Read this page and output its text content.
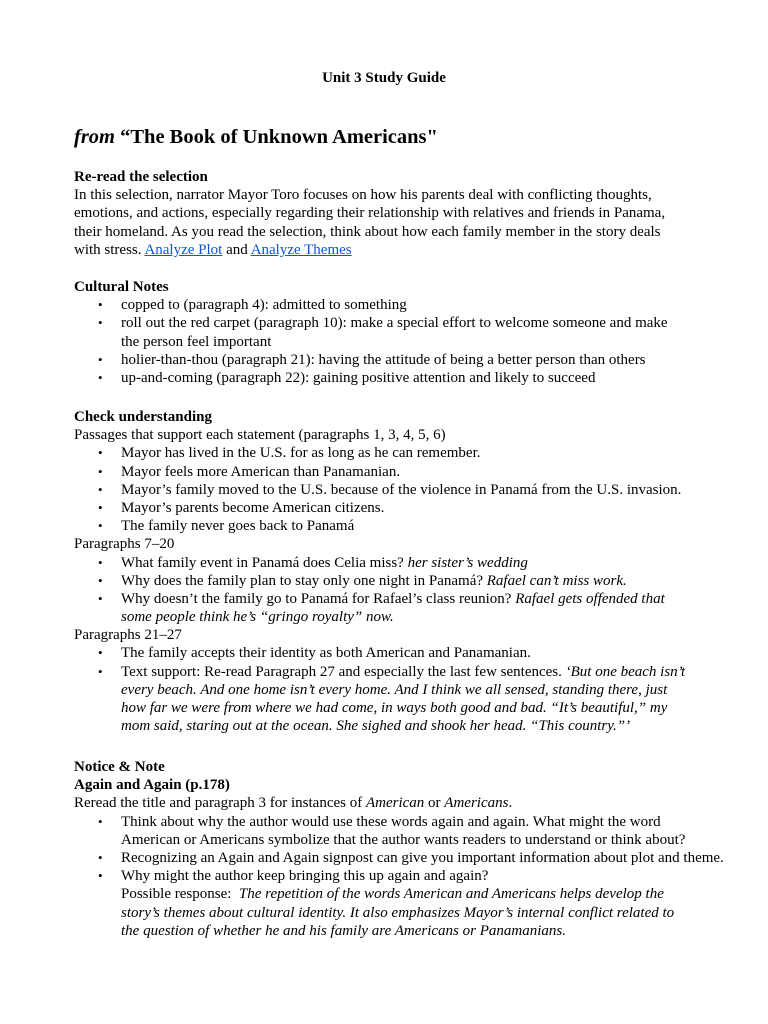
Unit 3 Study Guide
from “The Book of Unknown Americans"
Re-read the selection
In this selection, narrator Mayor Toro focuses on how his parents deal with conflicting thoughts,
emotions, and actions, especially regarding their relationship with relatives and friends in Panama,
their homeland. As you read the selection, think about how each family member in the story deals
with stress. Analyze Plot and Analyze Themes
Cultural Notes
• copped to (paragraph 4): admitted to something
• roll out the red carpet (paragraph 10): make a special effort to welcome someone and make
the person feel important
• holier-than-thou (paragraph 21): having the attitude of being a better person than others
• up-and-coming (paragraph 22): gaining positive attention and likely to succeed
Check understanding
Passages that support each statement (paragraphs 1, 3, 4, 5, 6)
• Mayor has lived in the U.S. for as long as he can remember.
• Mayor feels more American than Panamanian.
• Mayor’s family moved to the U.S. because of the violence in Panamá from the U.S. invasion.
• Mayor’s parents become American citizens.
• The family never goes back to Panamá
Paragraphs 7–20
• What family event in Panamá does Celia miss? her sister’s wedding
• Why does the family plan to stay only one night in Panamá? Rafael can’t miss work.
• Why doesn’t the family go to Panamá for Rafael’s class reunion? Rafael gets offended that
some people think he’s “gringo royalty” now.
Paragraphs 21–27
• The family accepts their identity as both American and Panamanian.
• Text support: Re-read Paragraph 27 and especially the last few sentences. ‘But one beach isn’t
every beach. And one home isn’t every home. And I think we all sensed, standing there, just
how far we were from where we had come, in ways both good and bad. “It’s beautiful,” my
mom said, staring out at the ocean. She sighed and shook her head. “This country.”’
Notice & Note
Again and Again (p.178)
Reread the title and paragraph 3 for instances of American or Americans.
• Think about why the author would use these words again and again. What might the word
American or Americans symbolize that the author wants readers to understand or think about?
• Recognizing an Again and Again signpost can give you important information about plot and theme.
• Why might the author keep bringing this up again and again?
Possible response:  The repetition of the words American and Americans helps develop the
story’s themes about cultural identity. It also emphasizes Mayor’s internal conflict related to
the question of whether he and his family are Americans or Panamanians.
